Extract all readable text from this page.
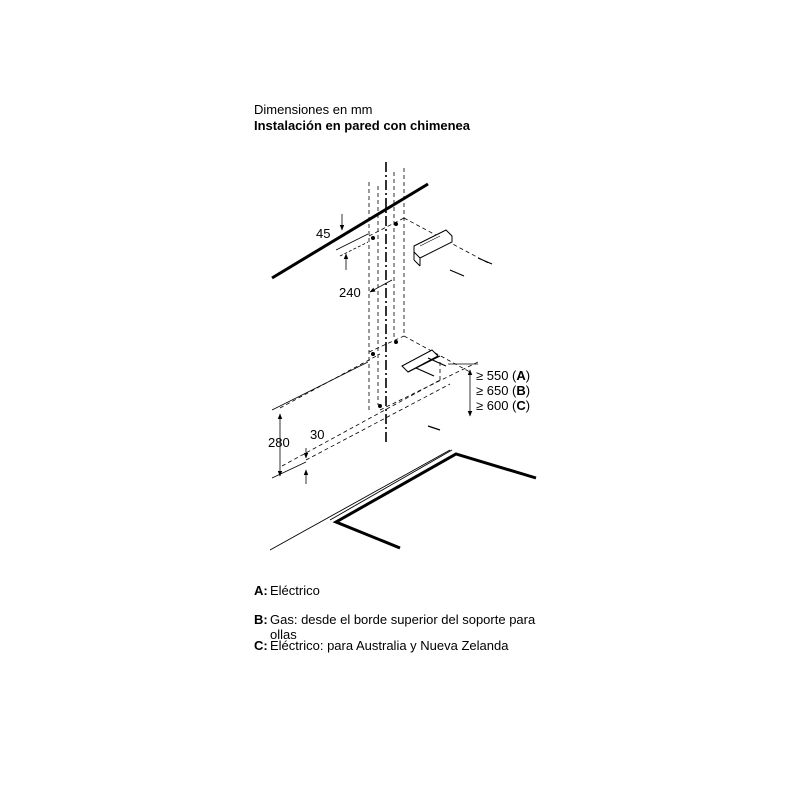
Dimensiones en mm
Instalación en pared con chimenea
45
240
280
30
≥ 550 (A)
≥ 650 (B)
≥ 600 (C)
A: Eléctrico
B: Gas: desde el borde superior del soporte para ollas
C: Eléctrico: para Australia y Nueva Zelanda
